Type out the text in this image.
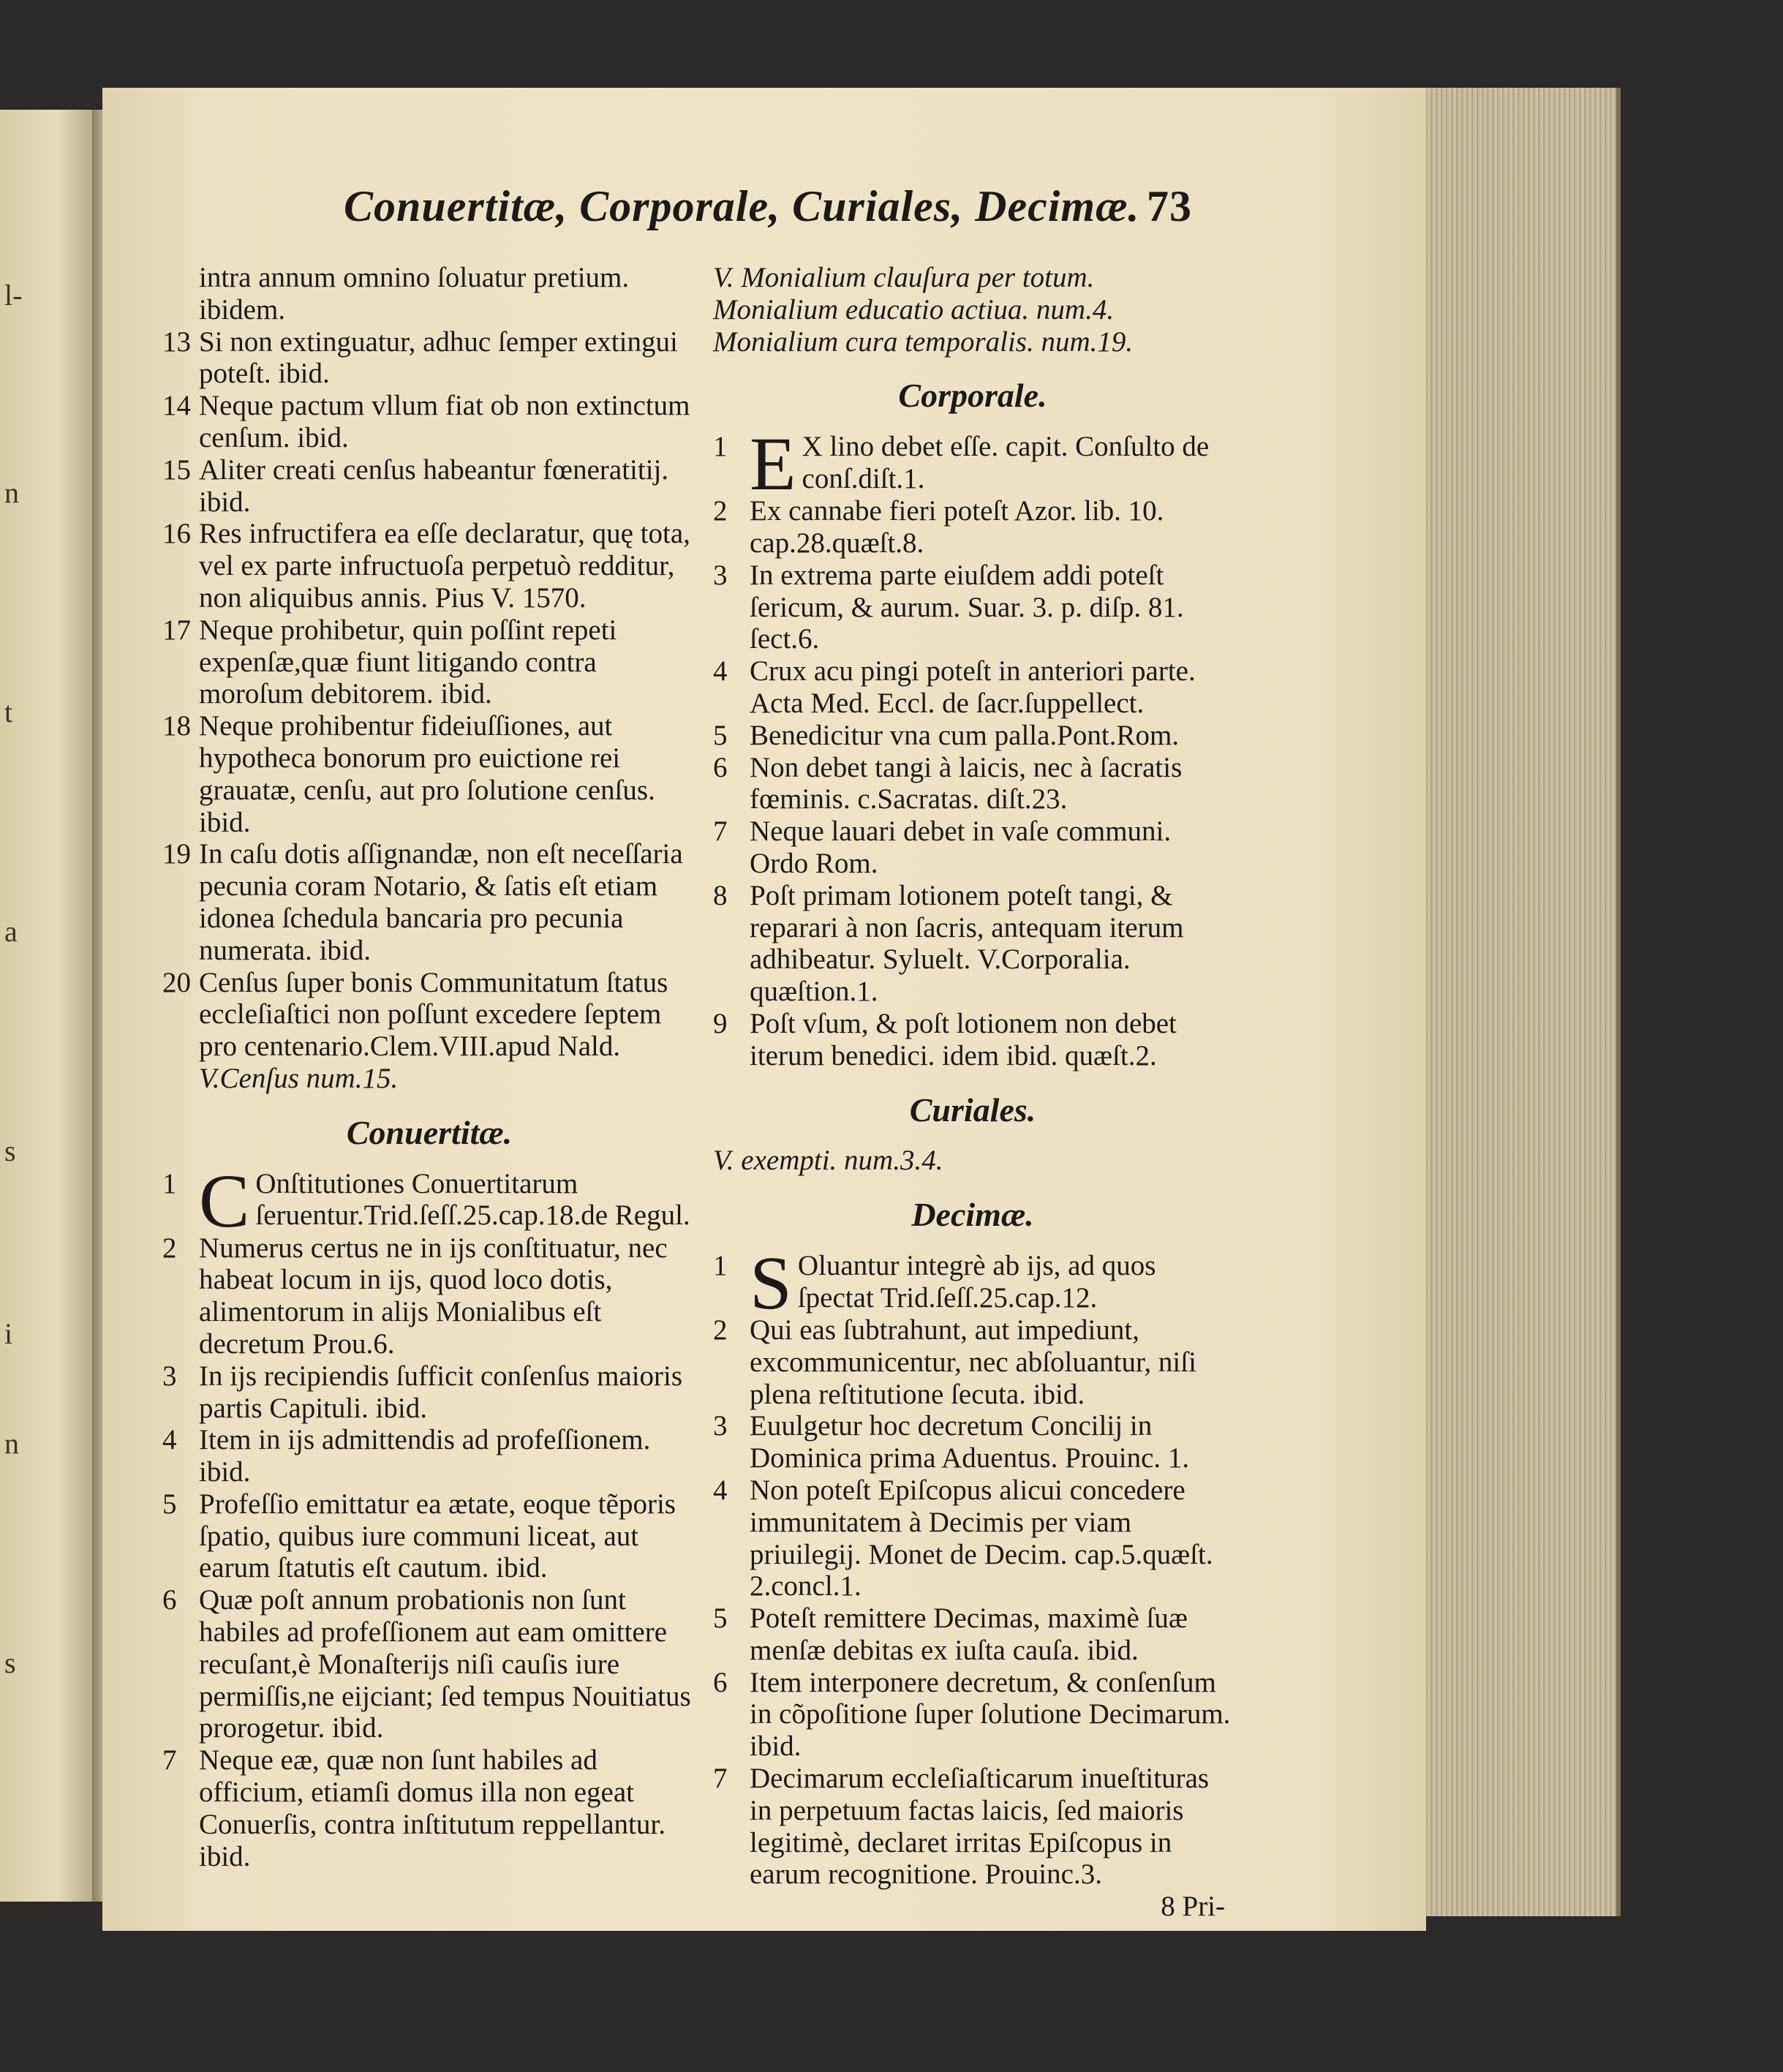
l-
n
t
a
s
i
n
s
Conuertitæ, Corporale, Curiales, Decimæ. 73
intra annum omnino ſoluatur pretium. ibidem.
13 Si non extinguatur, adhuc ſemper extingui poteſt. ibid.
14 Neque pactum vllum fiat ob non extinctum cenſum. ibid.
15 Aliter creati cenſus habeantur fœneratitij. ibid.
16 Res infructifera ea eſſe declaratur, quę tota, vel ex parte infructuoſa perpetuò redditur, non aliquibus annis. Pius V. 1570.
17 Neque prohibetur, quin poſſint repeti expenſæ,quæ fiunt litigando contra moroſum debitorem. ibid.
18 Neque prohibentur fideiuſſiones, aut hypotheca bonorum pro euictione rei grauatæ, cenſu, aut pro ſolutione cenſus. ibid.
19 In caſu dotis aſſignandæ, non eſt neceſſaria pecunia coram Notario, & ſatis eſt etiam idonea ſchedula bancaria pro pecunia numerata. ibid.
20 Cenſus ſuper bonis Communitatum ſtatus eccleſiaſtici non poſſunt excedere ſeptem pro centenario.Clem.VIII.apud Nald.
V.Cenſus num.15.
Conuertitæ.
1 C Onſtitutiones Conuertitarum ſeruentur.Trid.ſeſſ.25.cap.18.de Regul.
2 Numerus certus ne in ijs conſtituatur, nec habeat locum in ijs, quod loco dotis, alimentorum in alijs Monialibus eſt decretum Prou.6.
3 In ijs recipiendis ſufficit conſenſus maioris partis Capituli. ibid.
4 Item in ijs admittendis ad profeſſionem. ibid.
5 Profeſſio emittatur ea ætate, eoque tẽporis ſpatio, quibus iure communi liceat, aut earum ſtatutis eſt cautum. ibid.
6 Quæ poſt annum probationis non ſunt habiles ad profeſſionem aut eam omittere recuſant,è Monaſterijs niſi cauſis iure permiſſis,ne eijciant; ſed tempus Nouitiatus prorogetur. ibid.
7 Neque eæ, quæ non ſunt habiles ad officium, etiamſi domus illa non egeat Conuerſis, contra inſtitutum reppellantur. ibid.
V. Monialium clauſura per totum.
Monialium educatio actiua. num.4.
Monialium cura temporalis. num.19.
Corporale.
1 E X lino debet eſſe. capit. Conſulto de conſ.diſt.1.
2 Ex cannabe fieri poteſt Azor. lib. 10. cap.28.quæſt.8.
3 In extrema parte eiuſdem addi poteſt ſericum, & aurum. Suar. 3. p. diſp. 81. ſect.6.
4 Crux acu pingi poteſt in anteriori parte. Acta Med. Eccl. de ſacr.ſuppellect.
5 Benedicitur vna cum palla.Pont.Rom.
6 Non debet tangi à laicis, nec à ſacratis fœminis. c.Sacratas. diſt.23.
7 Neque lauari debet in vaſe communi. Ordo Rom.
8 Poſt primam lotionem poteſt tangi, & reparari à non ſacris, antequam iterum adhibeatur. Syluelt. V.Corporalia. quæſtion.1.
9 Poſt vſum, & poſt lotionem non debet iterum benedici. idem ibid. quæſt.2.
Curiales.
V. exempti. num.3.4.
Decimæ.
1 S Oluantur integrè ab ijs, ad quos ſpectat Trid.ſeſſ.25.cap.12.
2 Qui eas ſubtrahunt, aut impediunt, excommunicentur, nec abſoluantur, niſi plena reſtitutione ſecuta. ibid.
3 Euulgetur hoc decretum Concilij in Dominica prima Aduentus. Prouinc. 1.
4 Non poteſt Epiſcopus alicui concedere immunitatem à Decimis per viam priuilegij. Monet de Decim. cap.5.quæſt. 2.concl.1.
5 Poteſt remittere Decimas, maximè ſuæ menſæ debitas ex iuſta cauſa. ibid.
6 Item interponere decretum, & conſenſum in cõpoſitione ſuper ſolutione Decimarum. ibid.
7 Decimarum eccleſiaſticarum inueſtituras in perpetuum factas laicis, ſed maioris legitimè, declaret irritas Epiſcopus in earum recognitione. Prouinc.3.
8 Pri-
